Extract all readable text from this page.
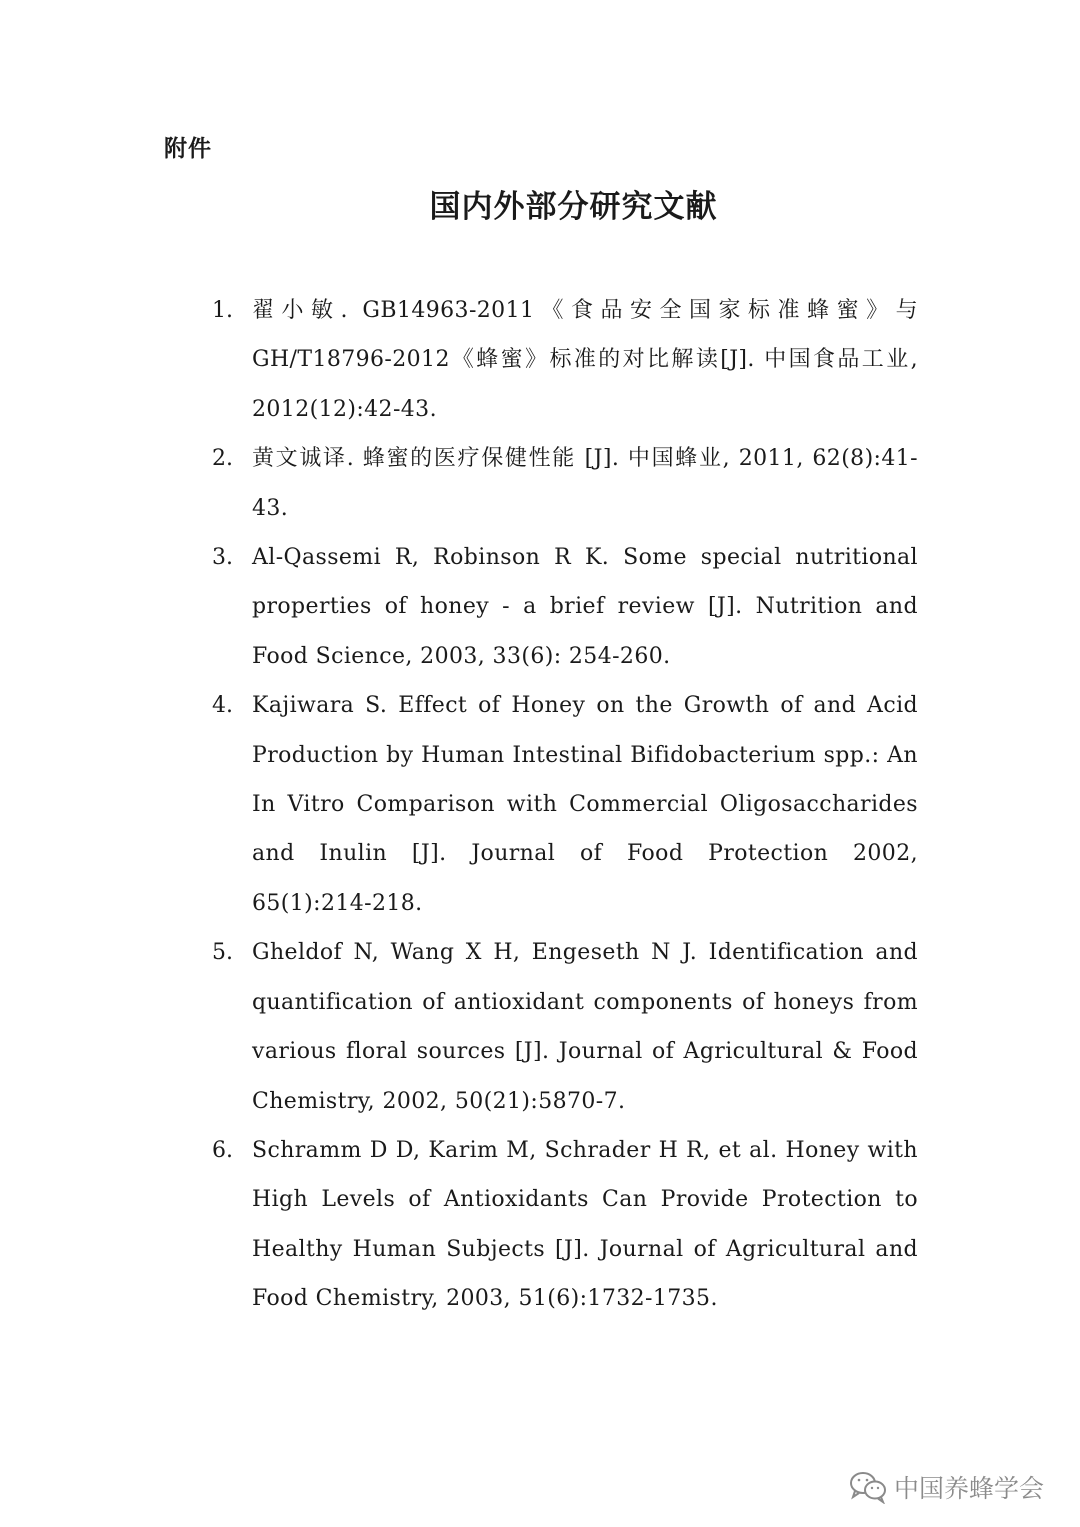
附件
国内外部分研究文献
1. 翟小敏. GB14963-2011《食品安全国家标准蜂蜜》与GH/T18796-2012《蜂蜜》标准的对比解读[J]. 中国食品工业, 2012(12):42-43.
2. 黄文诚译. 蜂蜜的医疗保健性能 [J]. 中国蜂业, 2011, 62(8):41-43.
3. Al-Qassemi R, Robinson R K. Some special nutritional properties of honey - a brief review [J]. Nutrition and Food Science, 2003, 33(6): 254-260.
4. Kajiwara S. Effect of Honey on the Growth of and Acid Production by Human Intestinal Bifidobacterium spp.: An In Vitro Comparison with Commercial Oligosaccharides and Inulin [J]. Journal of Food Protection 2002, 65(1):214-218.
5. Gheldof N, Wang X H, Engeseth N J. Identification and quantification of antioxidant components of honeys from various floral sources [J]. Journal of Agricultural & Food Chemistry, 2002, 50(21):5870-7.
6. Schramm D D, Karim M, Schrader H R, et al. Honey with High Levels of Antioxidants Can Provide Protection to Healthy Human Subjects [J]. Journal of Agricultural and Food Chemistry, 2003, 51(6):1732-1735.
中国养蜂学会
